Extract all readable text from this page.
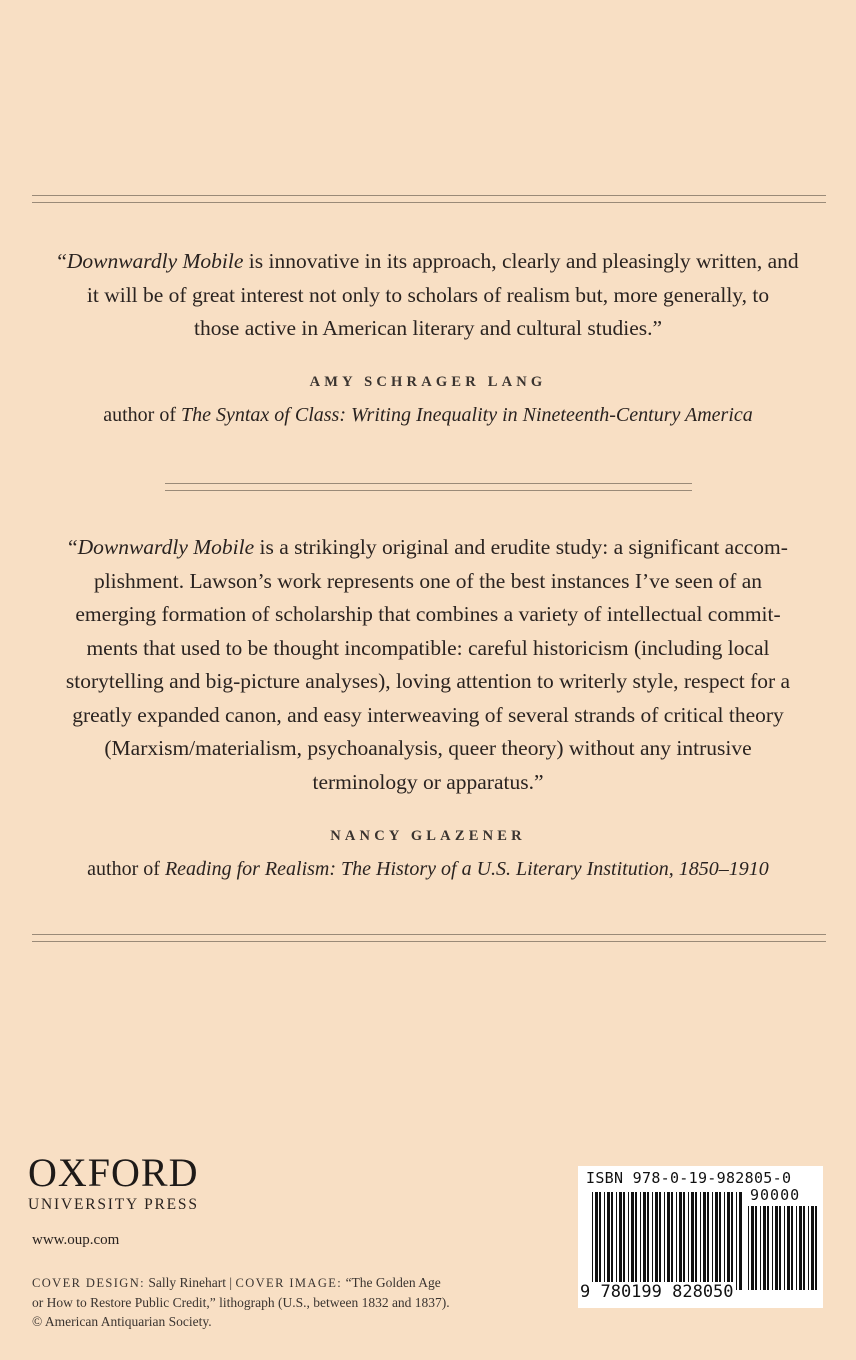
“Downwardly Mobile is innovative in its approach, clearly and pleasingly written, and
it will be of great interest not only to scholars of realism but, more generally, to
those active in American literary and cultural studies.”
AMY SCHRAGER LANG
author of The Syntax of Class: Writing Inequality in Nineteenth-Century America
“Downwardly Mobile is a strikingly original and erudite study: a significant accom-
plishment. Lawson’s work represents one of the best instances I’ve seen of an
emerging formation of scholarship that combines a variety of intellectual commit-
ments that used to be thought incompatible: careful historicism (including local
storytelling and big-picture analyses), loving attention to writerly style, respect for a
greatly expanded canon, and easy interweaving of several strands of critical theory
(Marxism/materialism, psychoanalysis, queer theory) without any intrusive
terminology or apparatus.”
NANCY GLAZENER
author of Reading for Realism: The History of a U.S. Literary Institution, 1850–1910
OXFORD
UNIVERSITY PRESS
www.oup.com
COVER DESIGN: Sally Rinehart | COVER IMAGE: “The Golden Age
or How to Restore Public Credit,” lithograph (U.S., between 1832 and 1837).
© American Antiquarian Society.
ISBN 978-0-19-982805-0
90000
9 780199 828050
